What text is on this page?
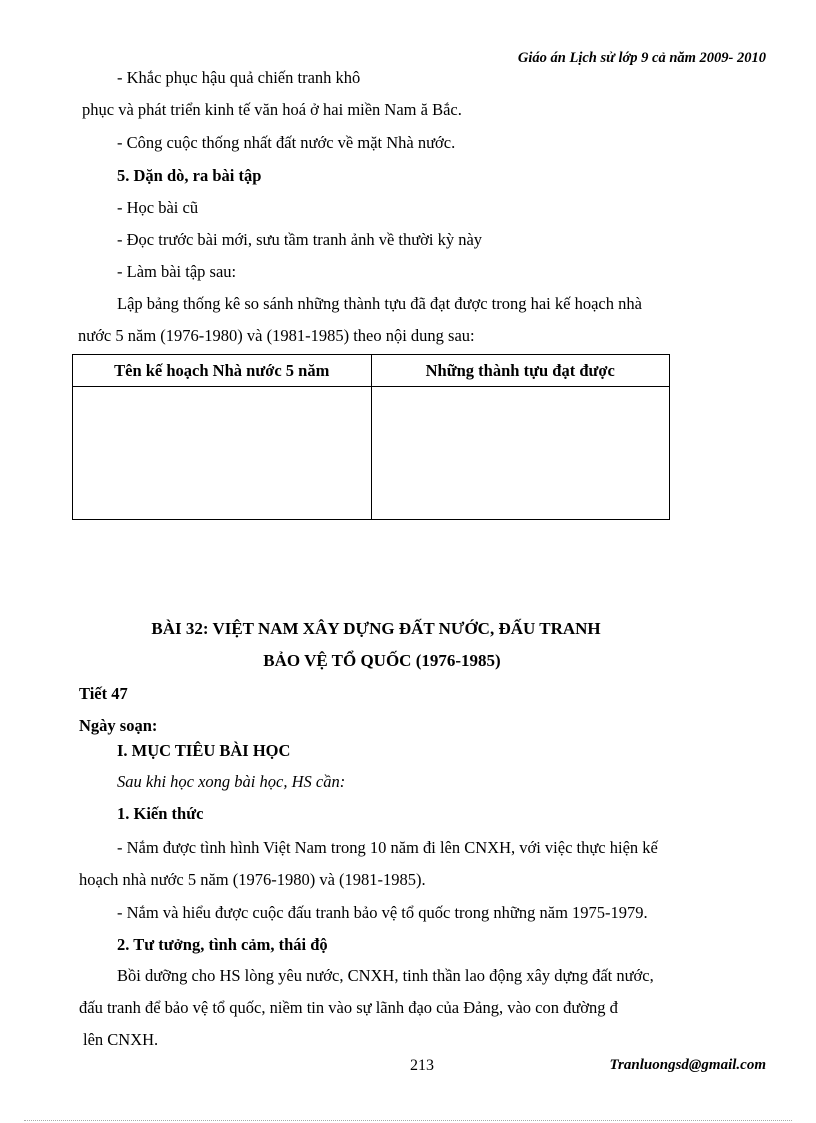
Giáo án Lịch sử lớp 9 cả năm 2009- 2010
- Khắc phục hậu quả chiến tranh khô
phục và phát triển kinh tế văn hoá ở hai miền Nam ă Bắc.
- Công cuộc thống nhất đất nước về mặt Nhà nước.
5. Dặn dò, ra bài tập
- Học bài cũ
- Đọc trước bài mới, sưu tầm tranh ảnh về thười kỳ này
- Làm bài tập sau:
Lập bảng thống kê so sánh những thành tựu đã đạt được trong hai kế hoạch nhà
nước 5 năm (1976-1980) và (1981-1985) theo nội dung sau:
Tên kế hoạch Nhà nước 5 năm	Những thành tựu đạt được

BÀI 32: VIỆT NAM XÂY DỰNG ĐẤT NƯỚC, ĐẤU TRANH
BẢO VỆ TỔ QUỐC (1976-1985)
Tiết 47
Ngày soạn:
I. MỤC TIÊU BÀI HỌC
Sau khi học xong bài học, HS cần:
1. Kiến thức
- Nắm được tình hình Việt Nam trong 10 năm đi lên CNXH, với việc thực hiện kế
hoạch nhà nước 5 năm (1976-1980) và (1981-1985).
- Nắm và hiểu được cuộc đấu tranh bảo vệ tổ quốc trong những năm 1975-1979.
2. Tư tưởng, tình cảm, thái độ
Bồi dưỡng cho HS lòng yêu nước, CNXH, tinh thần lao động xây dựng đất nước,
đấu tranh để bảo vệ tổ quốc, niềm tin vào sự lãnh đạo của Đảng, vào con đường đ
lên CNXH.
213	Tranluongsd@gmail.com
